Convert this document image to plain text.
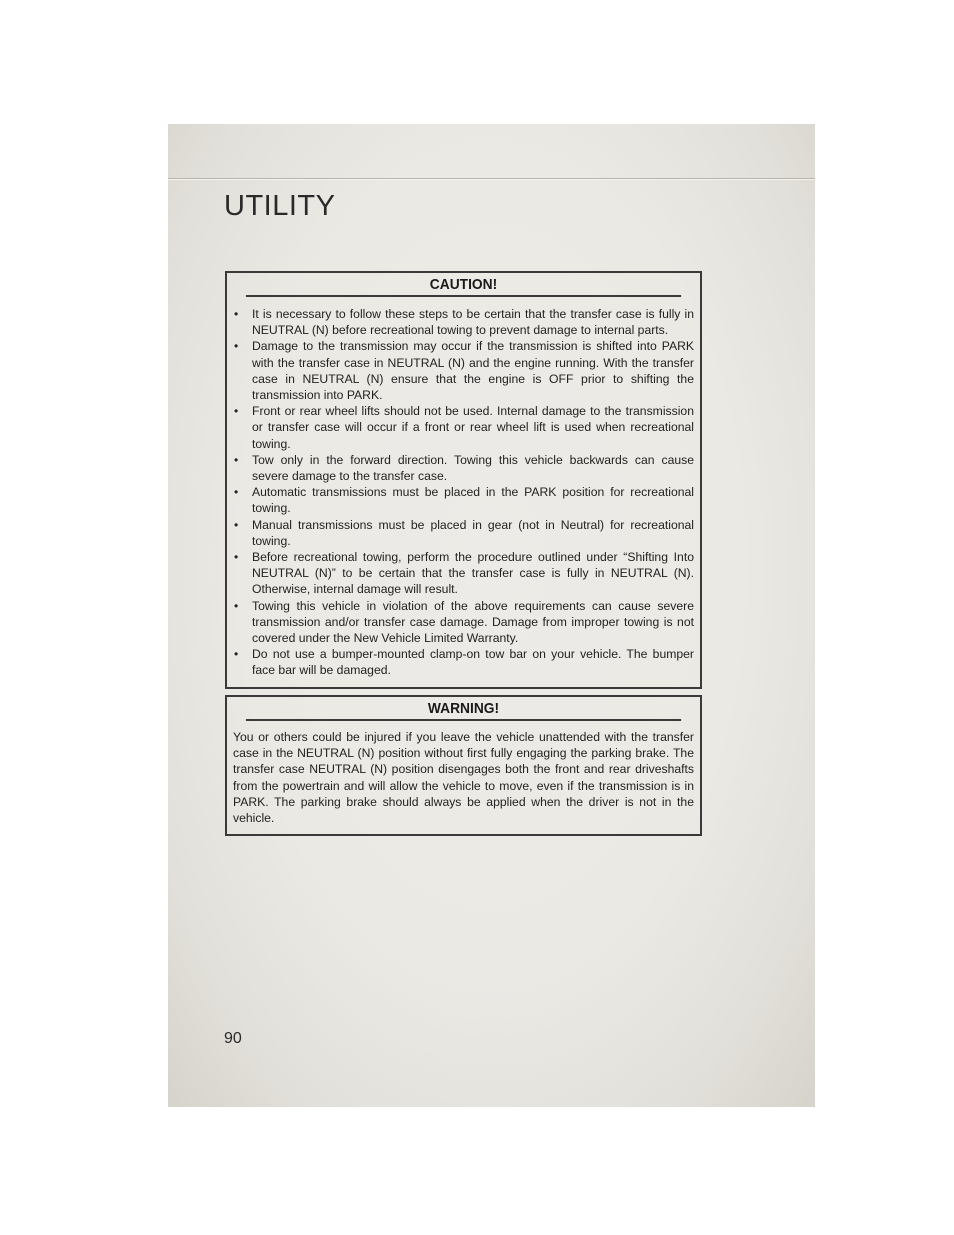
UTILITY
CAUTION!
• It is necessary to follow these steps to be certain that the transfer case is fully in NEUTRAL (N) before recreational towing to prevent damage to internal parts.
• Damage to the transmission may occur if the transmission is shifted into PARK with the transfer case in NEUTRAL (N) and the engine running. With the transfer case in NEUTRAL (N) ensure that the engine is OFF prior to shifting the transmission into PARK.
• Front or rear wheel lifts should not be used. Internal damage to the transmission or transfer case will occur if a front or rear wheel lift is used when recreational towing.
• Tow only in the forward direction. Towing this vehicle backwards can cause severe damage to the transfer case.
• Automatic transmissions must be placed in the PARK position for recreational towing.
• Manual transmissions must be placed in gear (not in Neutral) for recreational towing.
• Before recreational towing, perform the procedure outlined under “Shifting Into NEUTRAL (N)” to be certain that the transfer case is fully in NEUTRAL (N). Otherwise, internal damage will result.
• Towing this vehicle in violation of the above requirements can cause severe transmission and/or transfer case damage. Damage from improper towing is not covered under the New Vehicle Limited Warranty.
• Do not use a bumper-mounted clamp-on tow bar on your vehicle. The bumper face bar will be damaged.
WARNING!
You or others could be injured if you leave the vehicle unattended with the transfer case in the NEUTRAL (N) position without first fully engaging the parking brake. The transfer case NEUTRAL (N) position disengages both the front and rear driveshafts from the powertrain and will allow the vehicle to move, even if the transmission is in PARK. The parking brake should always be applied when the driver is not in the vehicle.
90
